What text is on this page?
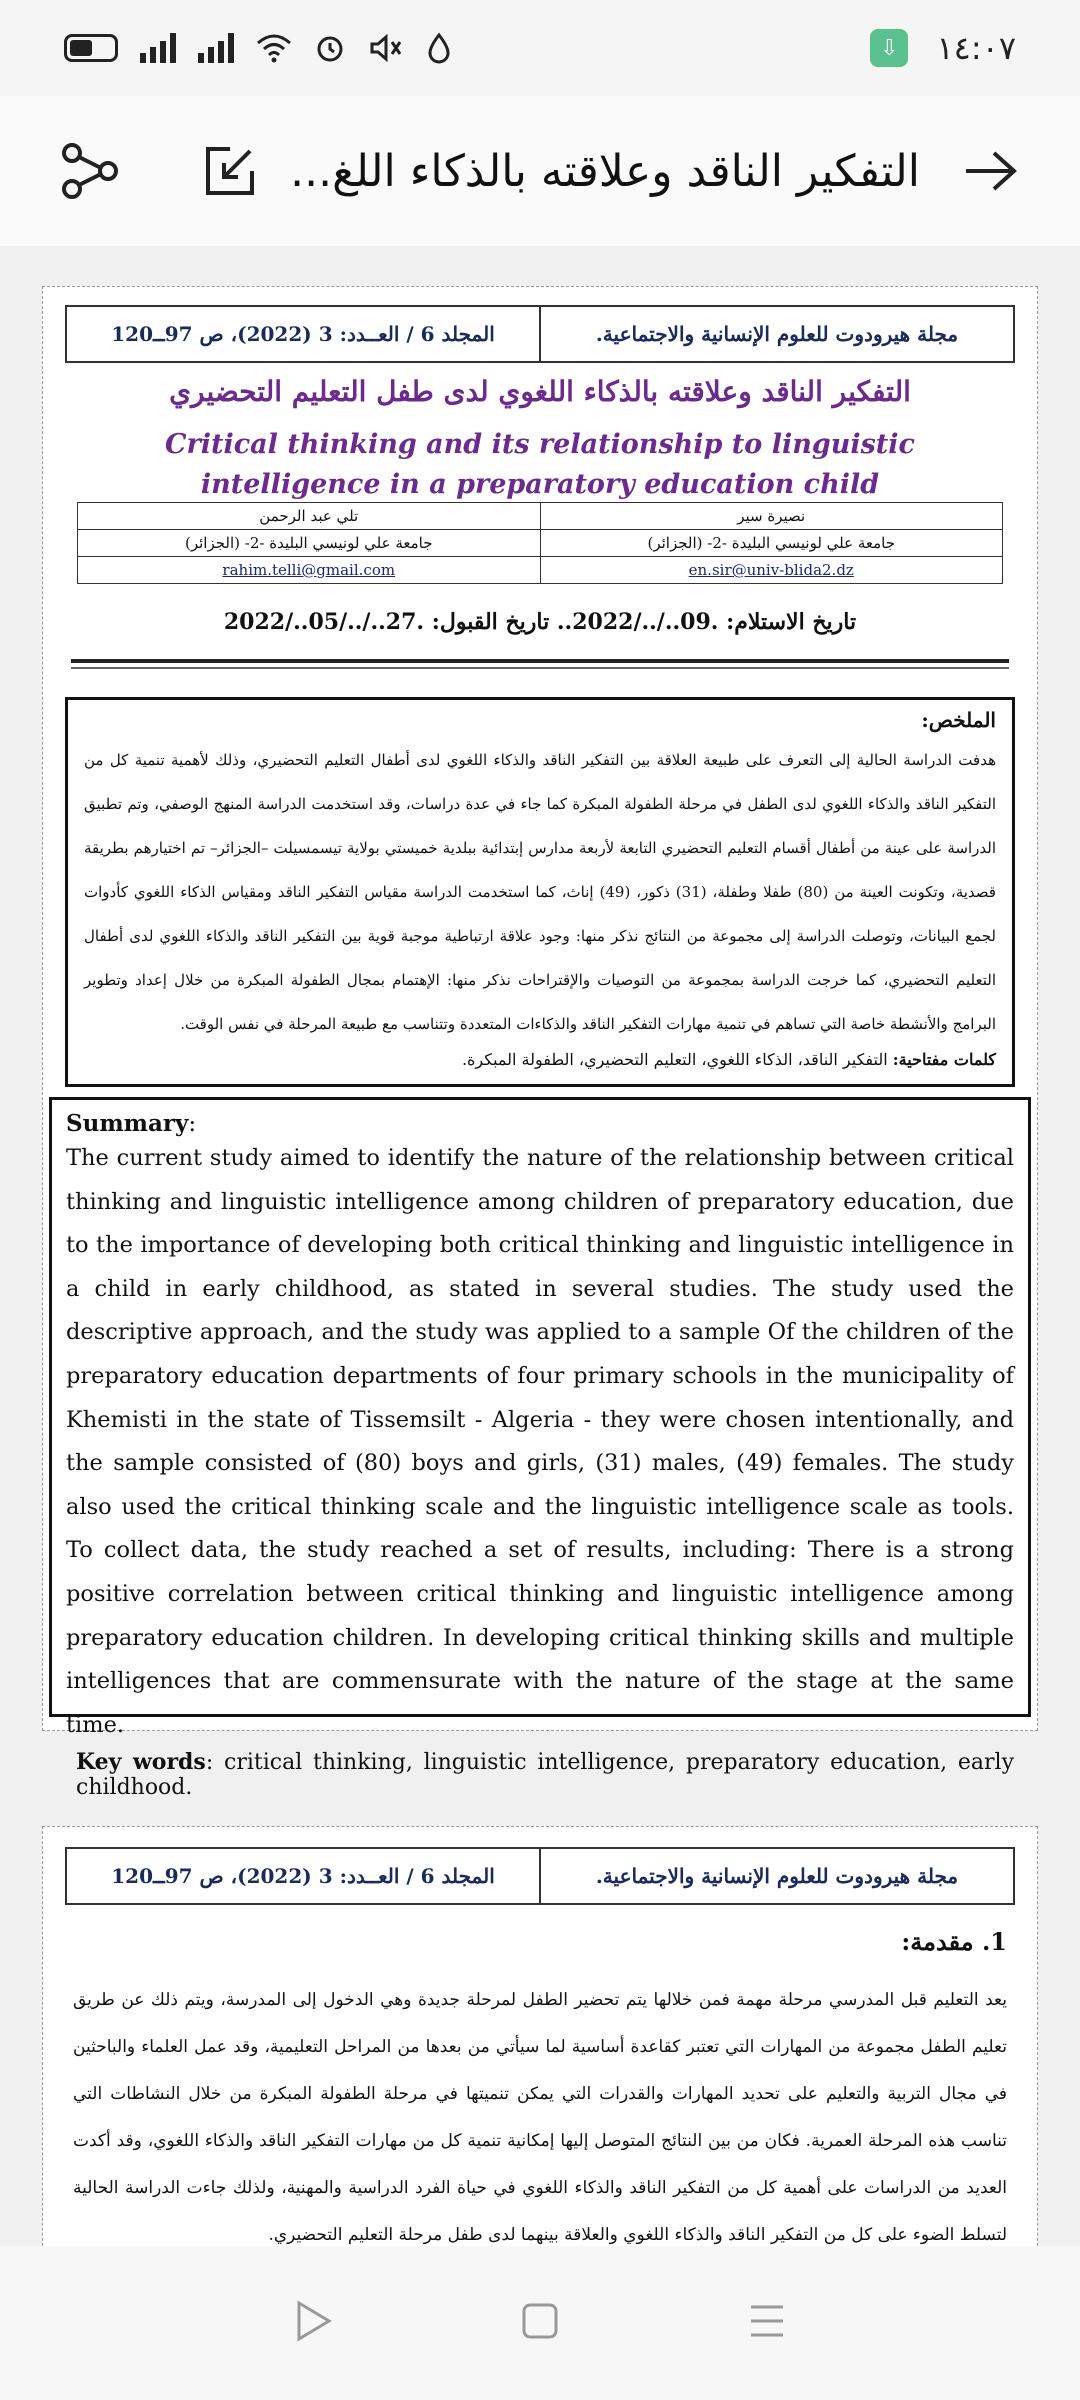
⇩	١٤:٠٧
التفكير الناقد وعلاقته بالذكاء اللغ...
مجلة هيرودوت للعلوم الإنسانية والاجتماعية.
المجلد 6 / العــدد: 3 (2022)، ص 97ــ120
التفكير الناقد وعلاقته بالذكاء اللغوي لدى طفل التعليم التحضيري
Critical thinking and its relationship to linguistic intelligence in a preparatory education child
نصيرة سير
تلي عبد الرحمن
جامعة علي لونيسي البليدة -2- (الجزائر)
جامعة علي لونيسي البليدة -2- (الجزائر)
en.sir@univ-blida2.dz
rahim.telli@gmail.com
تاريخ الاستلام: .09../../2022.. تاريخ القبول: .27../../05../2022
الملخص:

هدفت الدراسة الحالية إلى التعرف على طبيعة العلاقة بين التفكير الناقد والذكاء اللغوي لدى أطفال التعليم التحضيري، وذلك لأهمية تنمية كل من التفكير الناقد والذكاء اللغوي لدى الطفل في مرحلة الطفولة المبكرة كما جاء في عدة دراسات، وقد استخدمت الدراسة المنهج الوصفي، وتم تطبيق الدراسة على عينة من أطفال أقسام التعليم التحضيري التابعة لأربعة مدارس إبتدائية ببلدية خميستي بولاية تيسمسيلت –الجزائر– تم اختيارهم بطريقة قصدية، وتكونت العينة من (80) طفلا وطفلة، (31) ذكور، (49) إناث، كما استخدمت الدراسة مقياس التفكير الناقد ومقياس الذكاء اللغوي كأدوات لجمع البيانات، وتوصلت الدراسة إلى مجموعة من النتائج نذكر منها: وجود علاقة ارتباطية موجبة قوية بين التفكير الناقد والذكاء اللغوي لدى أطفال التعليم التحضيري، كما خرجت الدراسة بمجموعة من التوصيات والإقتراحات نذكر منها: الإهتمام بمجال الطفولة المبكرة من خلال إعداد وتطوير البرامج والأنشطة خاصة التي تساهم في تنمية مهارات التفكير الناقد والذكاءات المتعددة وتتناسب مع طبيعة المرحلة في نفس الوقت.

كلمات مفتاحية: التفكير الناقد، الذكاء اللغوي، التعليم التحضيري، الطفولة المبكرة.
Summary:

The current study aimed to identify the nature of the relationship between critical thinking and linguistic intelligence among children of preparatory education, due to the importance of developing both critical thinking and linguistic intelligence in a child in early childhood, as stated in several studies. The study used the descriptive approach, and the study was applied to a sample Of the children of the preparatory education departments of four primary schools in the municipality of Khemisti in the state of Tissemsilt - Algeria - they were chosen intentionally, and the sample consisted of (80) boys and girls, (31) males, (49) females. The study also used the critical thinking scale and the linguistic intelligence scale as tools. To collect data, the study reached a set of results, including: There is a strong positive correlation between critical thinking and linguistic intelligence among preparatory education children. In developing critical thinking skills and multiple intelligences that are commensurate with the nature of the stage at the same time.

Key words: critical thinking, linguistic intelligence, preparatory education, early childhood.
مجلة هيرودوت للعلوم الإنسانية والاجتماعية.
المجلد 6 / العــدد: 3 (2022)، ص 97ــ120
1. مقدمة:
يعد التعليم قبل المدرسي مرحلة مهمة فمن خلالها يتم تحضير الطفل لمرحلة جديدة وهي الدخول إلى المدرسة، ويتم ذلك عن طريق تعليم الطفل مجموعة من المهارات التي تعتبر كقاعدة أساسية لما سيأتي من بعدها من المراحل التعليمية، وقد عمل العلماء والباحثين في مجال التربية والتعليم على تحديد المهارات والقدرات التي يمكن تنميتها في مرحلة الطفولة المبكرة من خلال النشاطات التي تناسب هذه المرحلة العمرية. فكان من بين النتائج المتوصل إليها إمكانية تنمية كل من مهارات التفكير الناقد والذكاء اللغوي، وقد أكدت العديد من الدراسات على أهمية كل من التفكير الناقد والذكاء اللغوي في حياة الفرد الدراسية والمهنية، ولذلك جاءت الدراسة الحالية لتسلط الضوء على كل من التفكير الناقد والذكاء اللغوي والعلاقة بينهما لدى طفل مرحلة التعليم التحضيري.
